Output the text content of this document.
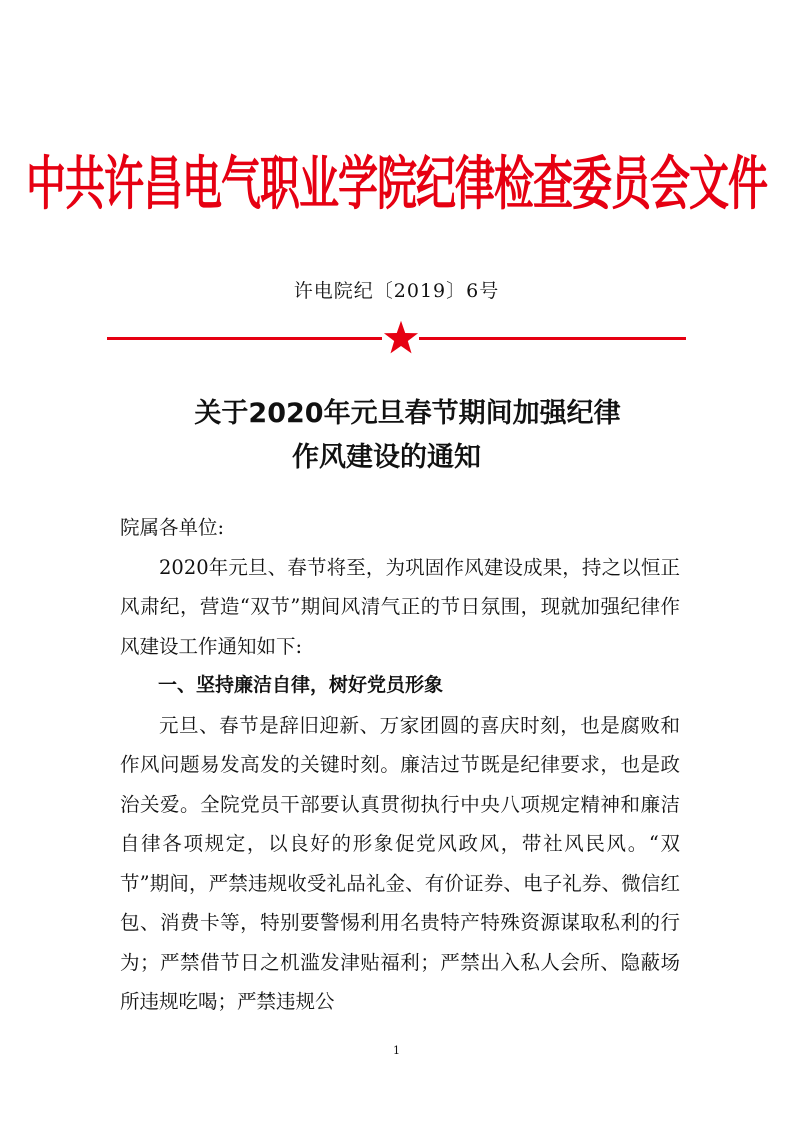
中共许昌电气职业学院纪律检查委员会文件
许电院纪〔2019〕6号
关于2020年元旦春节期间加强纪律
作风建设的通知

院属各单位:

2020年元旦、春节将至，为巩固作风建设成果，持之以恒正风肃纪，营造“双节”期间风清气正的节日氛围，现就加强纪律作风建设工作通知如下:

一、坚持廉洁自律，树好党员形象

元旦、春节是辞旧迎新、万家团圆的喜庆时刻，也是腐败和作风问题易发高发的关键时刻。廉洁过节既是纪律要求，也是政治关爱。全院党员干部要认真贯彻执行中央八项规定精神和廉洁自律各项规定，以良好的形象促党风政风，带社风民风。“双节”期间，严禁违规收受礼品礼金、有价证券、电子礼券、微信红包、消费卡等，特别要警惕利用名贵特产特殊资源谋取私利的行为；严禁借节日之机滥发津贴福利；严禁出入私人会所、隐蔽场所违规吃喝；严禁违规公

1
